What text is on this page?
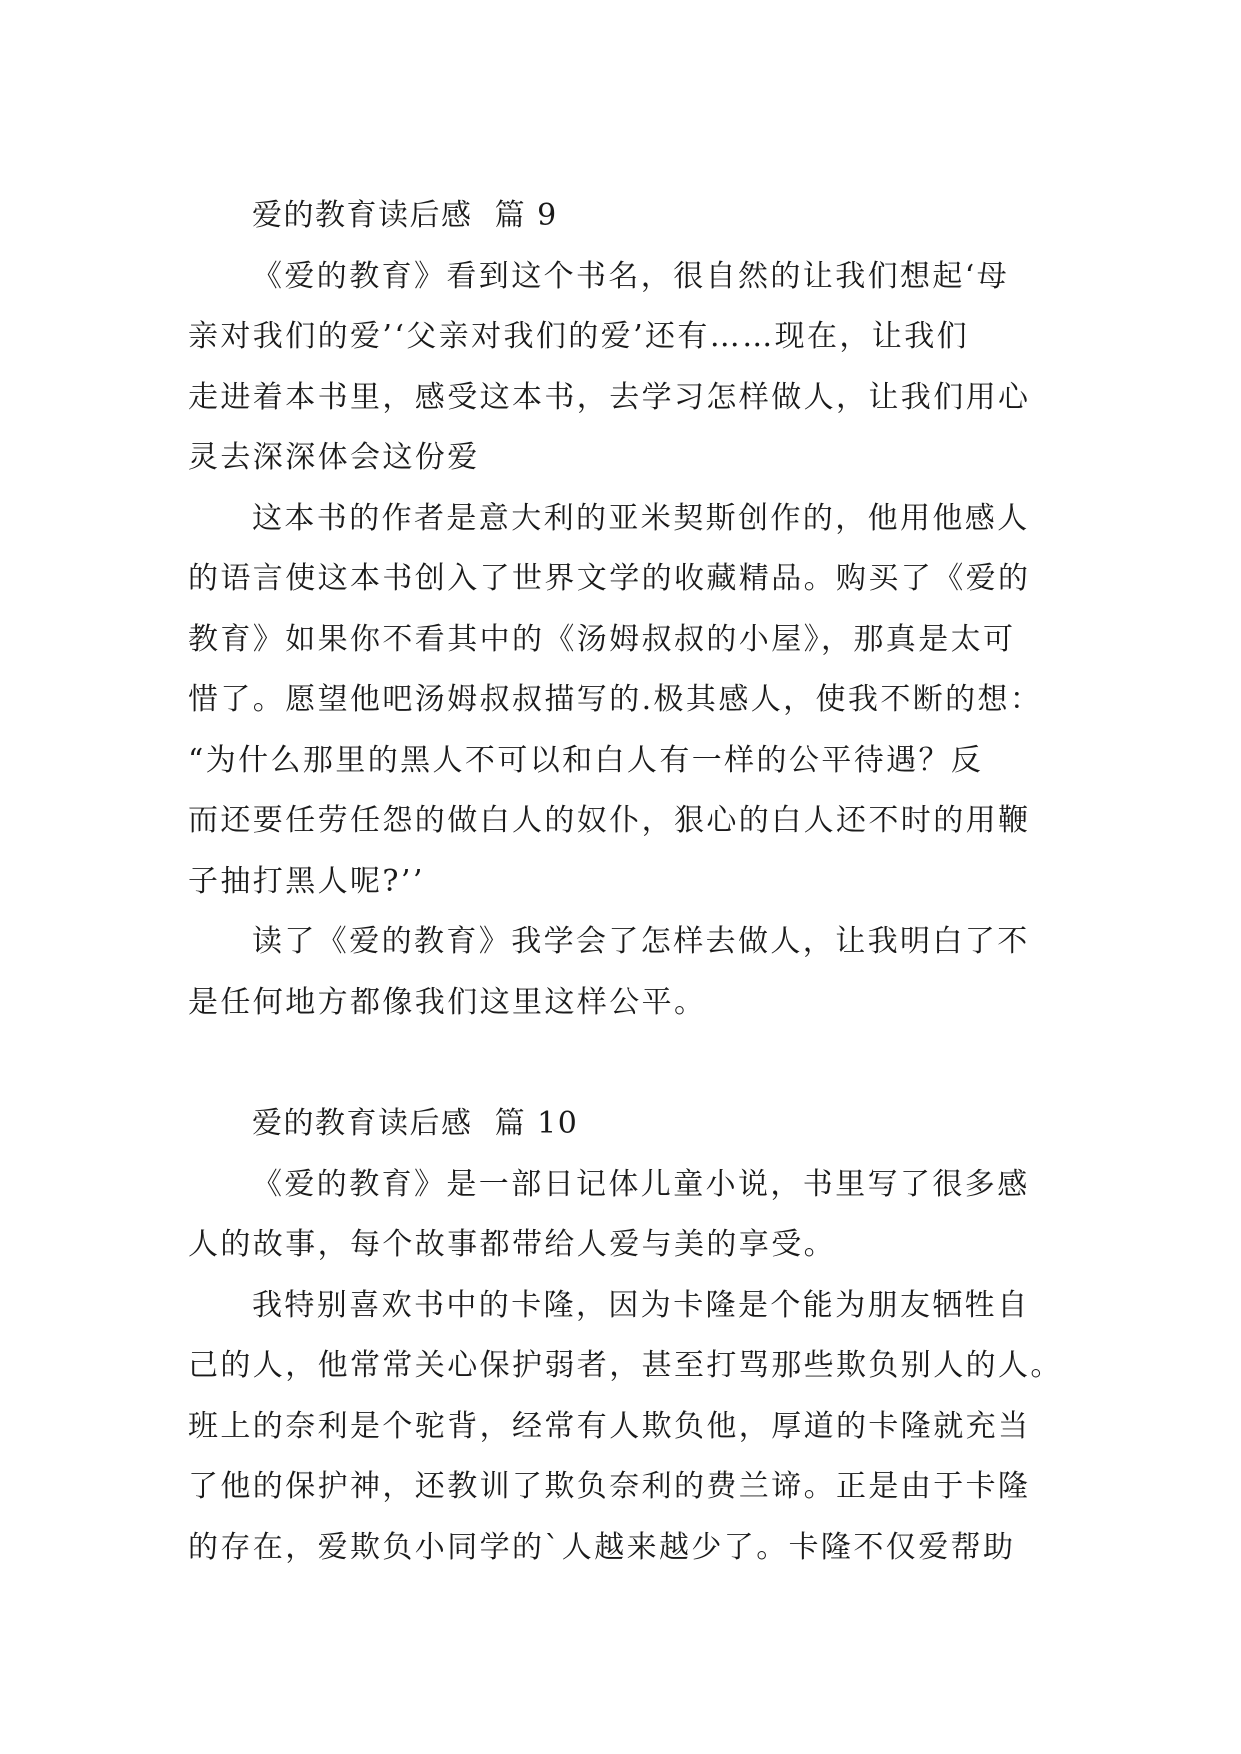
爱的教育读后感  篇 9
《爱的教育》看到这个书名，很自然的让我们想起‘母
亲对我们的爱’‘父亲对我们的爱’还有……现在，让我们
走进着本书里，感受这本书，去学习怎样做人，让我们用心
灵去深深体会这份爱
这本书的作者是意大利的亚米契斯创作的，他用他感人
的语言使这本书创入了世界文学的收藏精品。购买了《爱的
教育》如果你不看其中的《汤姆叔叔的小屋》，那真是太可
惜了。愿望他吧汤姆叔叔描写的.极其感人，使我不断的想：
“为什么那里的黑人不可以和白人有一样的公平待遇？反
而还要任劳任怨的做白人的奴仆，狠心的白人还不时的用鞭
子抽打黑人呢?’’
读了《爱的教育》我学会了怎样去做人，让我明白了不
是任何地方都像我们这里这样公平。
爱的教育读后感  篇 10
《爱的教育》是一部日记体儿童小说，书里写了很多感
人的故事，每个故事都带给人爱与美的享受。
我特别喜欢书中的卡隆，因为卡隆是个能为朋友牺牲自
己的人，他常常关心保护弱者，甚至打骂那些欺负别人的人。
班上的奈利是个驼背，经常有人欺负他，厚道的卡隆就充当
了他的保护神，还教训了欺负奈利的费兰谛。正是由于卡隆
的存在，爱欺负小同学的`人越来越少了。卡隆不仅爱帮助
